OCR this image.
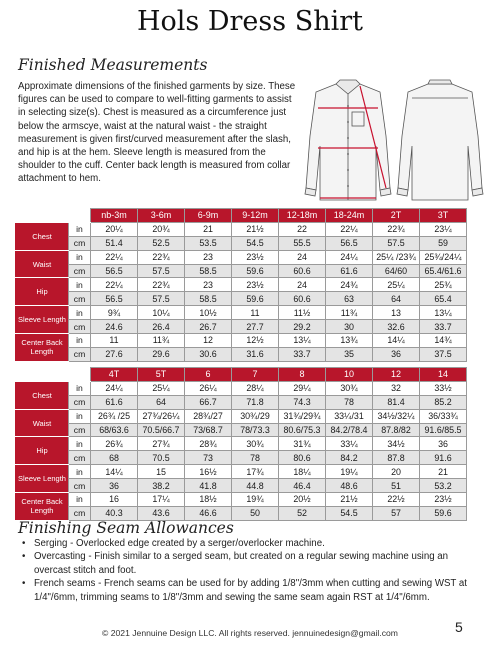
Hols Dress Shirt
Finished Measurements
Approximate dimensions of the finished garments by size. These figures can be used to compare to well-fitting garments to assist in selecting size(s). Chest is measured as a circumference just below the armscye, waist at the natural waist - the straight measurement is given first/curved measurement after the slash, and hip is at the hem. Sleeve length is measured from the shoulder to the cuff. Center back length is measured from collar attachment to hem.
		nb-3m	3-6m	6-9m	9-12m	12-18m	18-24m	2T	3T
Chest	in	20¼	20¾	21	21½	22	22¼	22¾	23¼
	cm	51.4	52.5	53.5	54.5	55.5	56.5	57.5	59
Waist	in	22¼	22¾	23	23½	24	24¼	25¼ /23¾	25¾/24¼
	cm	56.5	57.5	58.5	59.6	60.6	61.6	64/60	65.4/61.6
Hip	in	22¼	22¾	23	23½	24	24¾	25¼	25¾
	cm	56.5	57.5	58.5	59.6	60.6	63	64	65.4
Sleeve Length	in	9¾	10¼	10½	11	11½	11¾	13	13¼
	cm	24.6	26.4	26.7	27.7	29.2	30	32.6	33.7
Center Back Length	in	11	11¾	12	12½	13¼	13¾	14¼	14¾
	cm	27.6	29.6	30.6	31.6	33.7	35	36	37.5
		4T	5T	6	7	8	10	12	14
Chest	in	24¼	25¼	26¼	28¼	29¼	30¾	32	33½
	cm	61.6	64	66.7	71.8	74.3	78	81.4	85.2
Waist	in	26¾ /25	27¾/26¼	28¾/27	30¾/29	31¾/29¾	33¼/31	34½/32¼	36/33¾
	cm	68/63.6	70.5/66.7	73/68.7	78/73.3	80.6/75.3	84.2/78.4	87.8/82	91.6/85.5
Hip	in	26¾	27¾	28¾	30¾	31¾	33¼	34½	36
	cm	68	70.5	73	78	80.6	84.2	87.8	91.6
Sleeve Length	in	14¼	15	16½	17¾	18¼	19¼	20	21
	cm	36	38.2	41.8	44.8	46.4	48.6	51	53.2
Center Back Length	in	16	17¼	18½	19¾	20½	21½	22½	23½
	cm	40.3	43.6	46.6	50	52	54.5	57	59.6
Finishing Seam Allowances
• Serging - Overlocked edge created by a serger/overlocker machine.
• Overcasting - Finish similar to a serged seam, but created on a regular sewing machine using an overcast stitch and foot.
• French seams - French seams can be used for by adding 1/8"/3mm when cutting and sewing WST at 1/4"/6mm, trimming seams to 1/8"/3mm and sewing the same seam again RST at 1/4"/6mm.
© 2021 Jennuine Design LLC. All rights reserved. jennuinedesign@gmail.com	5
